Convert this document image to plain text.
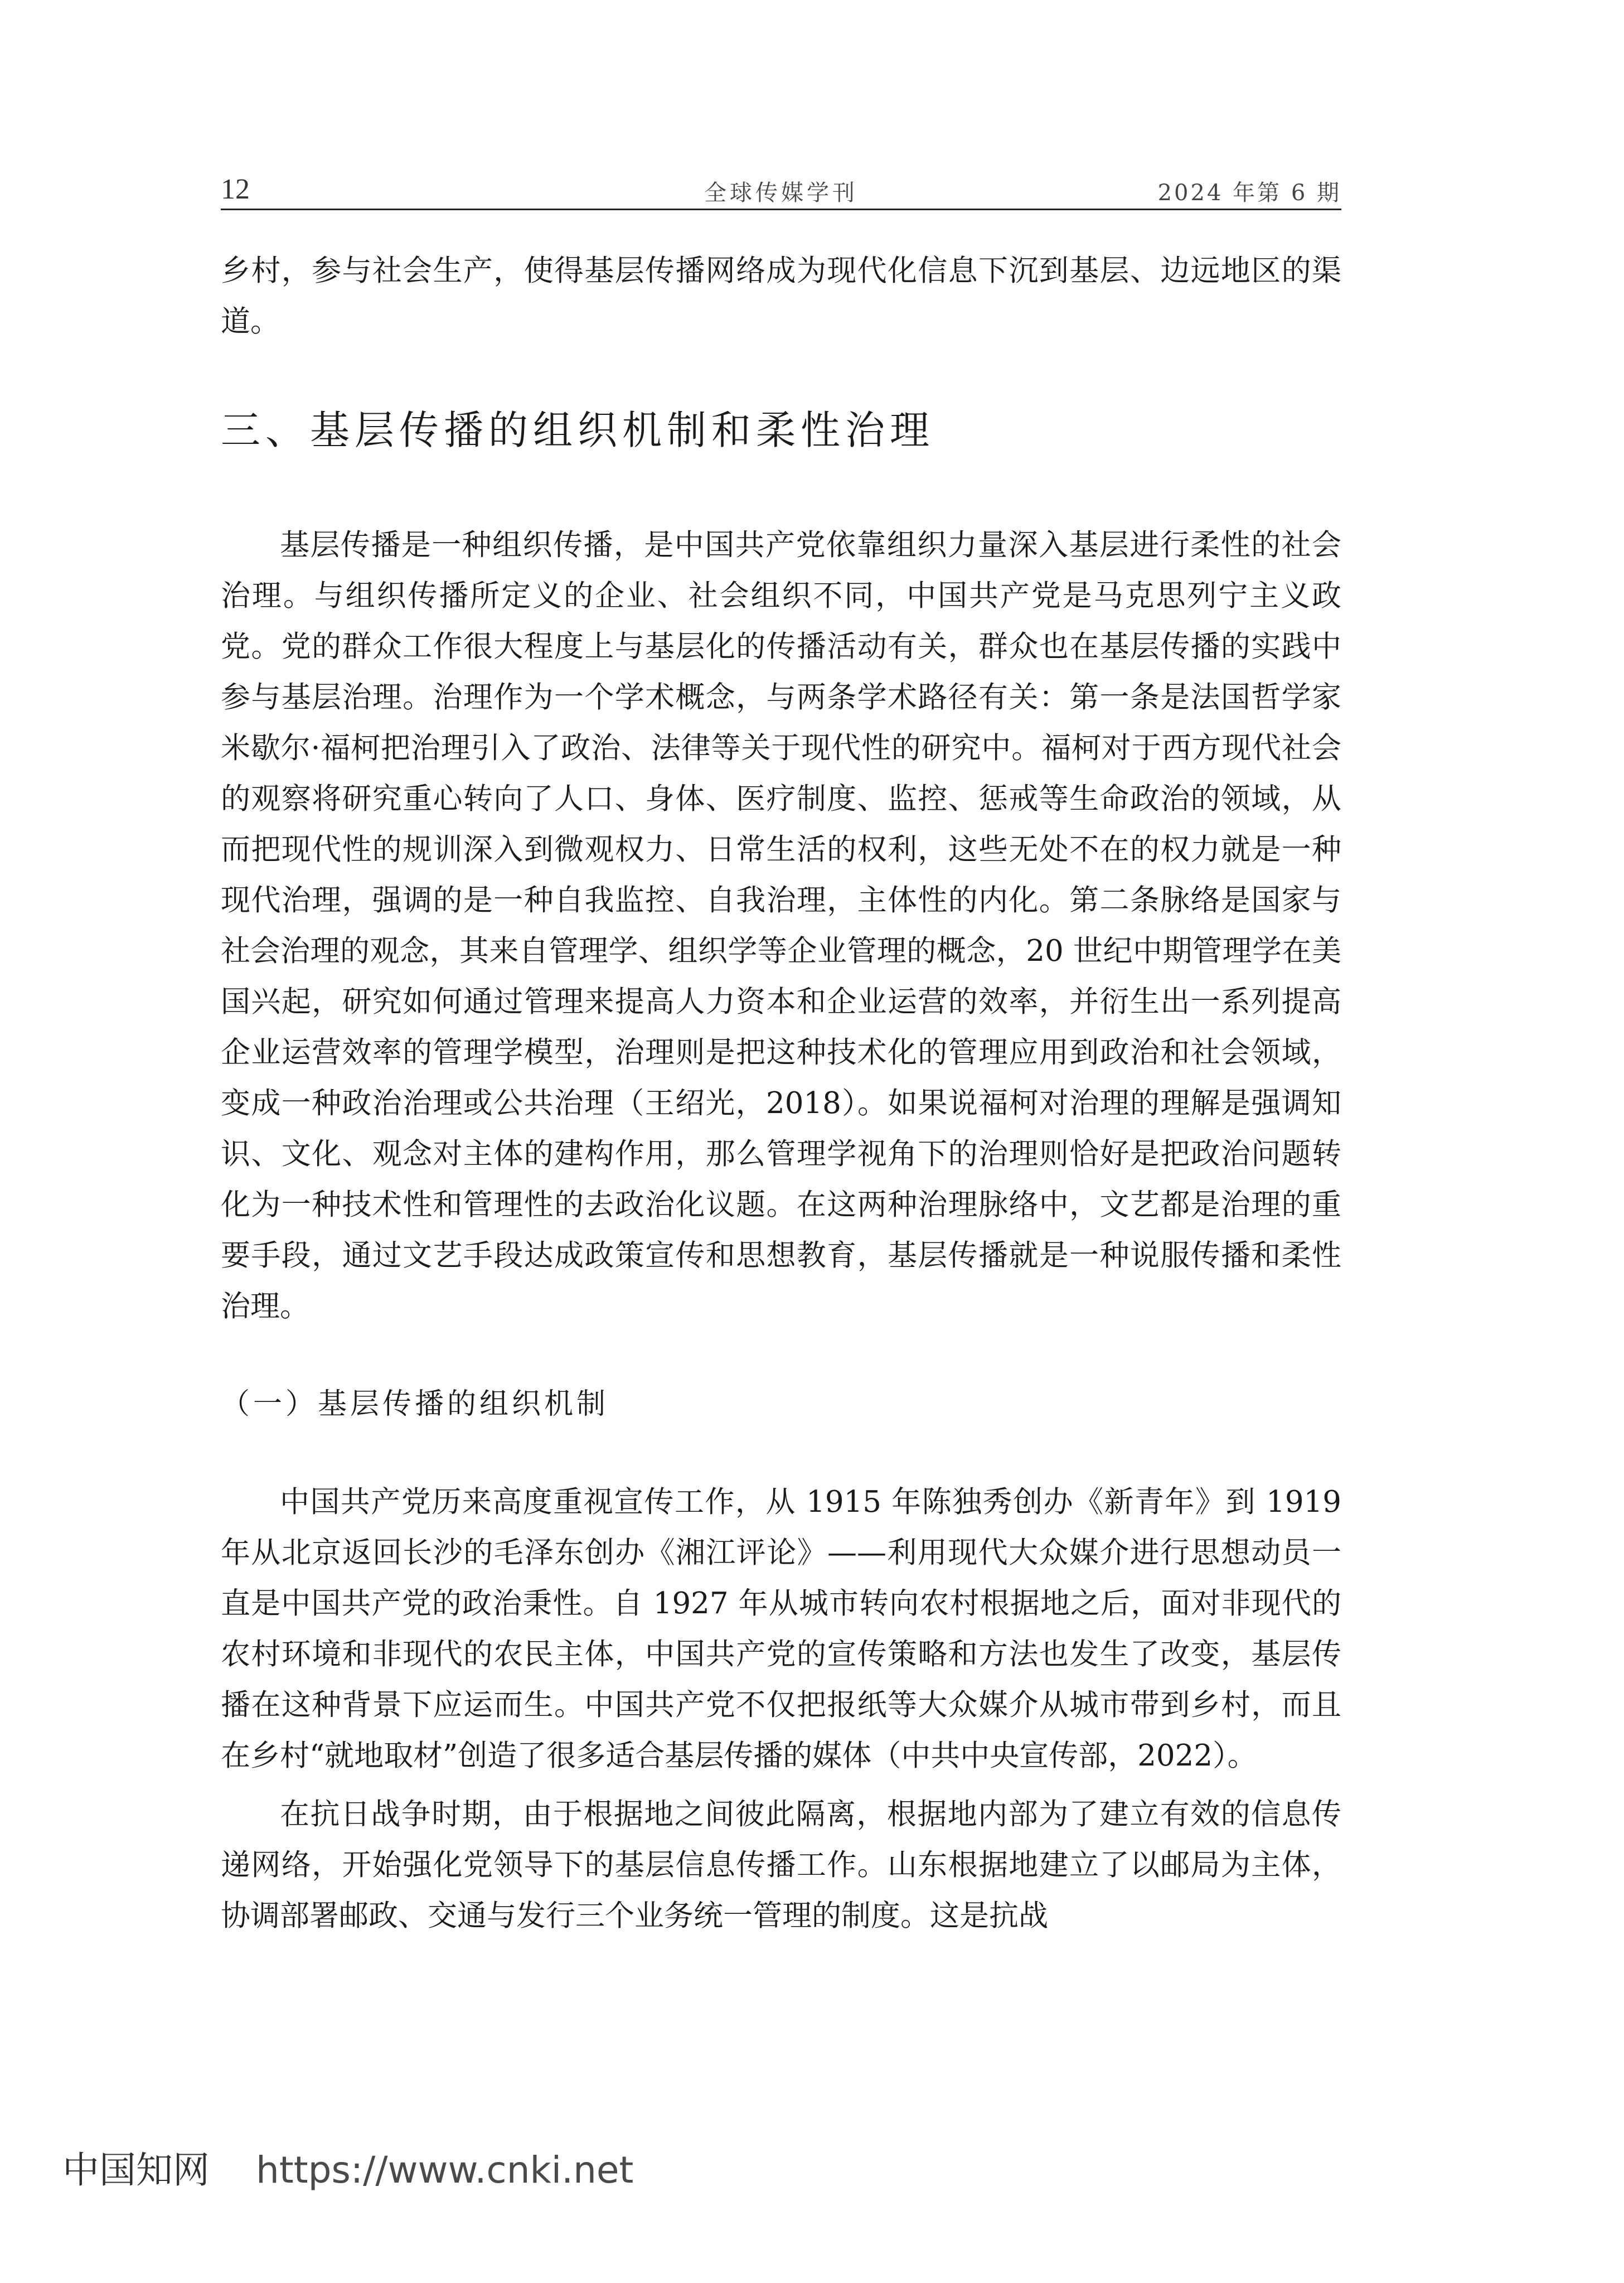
12	全球传媒学刊	2024 年第 6 期

乡村，参与社会生产，使得基层传播网络成为现代化信息下沉到基层、边远地区的渠道。

三、基层传播的组织机制和柔性治理

基层传播是一种组织传播，是中国共产党依靠组织力量深入基层进行柔性的社会治理。与组织传播所定义的企业、社会组织不同，中国共产党是马克思列宁主义政党。党的群众工作很大程度上与基层化的传播活动有关，群众也在基层传播的实践中参与基层治理。治理作为一个学术概念，与两条学术路径有关：第一条是法国哲学家米歇尔·福柯把治理引入了政治、法律等关于现代性的研究中。福柯对于西方现代社会的观察将研究重心转向了人口、身体、医疗制度、监控、惩戒等生命政治的领域，从而把现代性的规训深入到微观权力、日常生活的权利，这些无处不在的权力就是一种现代治理，强调的是一种自我监控、自我治理，主体性的内化。第二条脉络是国家与社会治理的观念，其来自管理学、组织学等企业管理的概念，20 世纪中期管理学在美国兴起，研究如何通过管理来提高人力资本和企业运营的效率，并衍生出一系列提高企业运营效率的管理学模型，治理则是把这种技术化的管理应用到政治和社会领域，变成一种政治治理或公共治理（王绍光，2018）。如果说福柯对治理的理解是强调知识、文化、观念对主体的建构作用，那么管理学视角下的治理则恰好是把政治问题转化为一种技术性和管理性的去政治化议题。在这两种治理脉络中，文艺都是治理的重要手段，通过文艺手段达成政策宣传和思想教育，基层传播就是一种说服传播和柔性治理。

（一）基层传播的组织机制

中国共产党历来高度重视宣传工作，从 1915 年陈独秀创办《新青年》到 1919 年从北京返回长沙的毛泽东创办《湘江评论》——利用现代大众媒介进行思想动员一直是中国共产党的政治秉性。自 1927 年从城市转向农村根据地之后，面对非现代的农村环境和非现代的农民主体，中国共产党的宣传策略和方法也发生了改变，基层传播在这种背景下应运而生。中国共产党不仅把报纸等大众媒介从城市带到乡村，而且在乡村“就地取材”创造了很多适合基层传播的媒体（中共中央宣传部，2022）。

在抗日战争时期，由于根据地之间彼此隔离，根据地内部为了建立有效的信息传递网络，开始强化党领导下的基层信息传播工作。山东根据地建立了以邮局为主体，协调部署邮政、交通与发行三个业务统一管理的制度。这是抗战

中国知网 https://www.cnki.net
